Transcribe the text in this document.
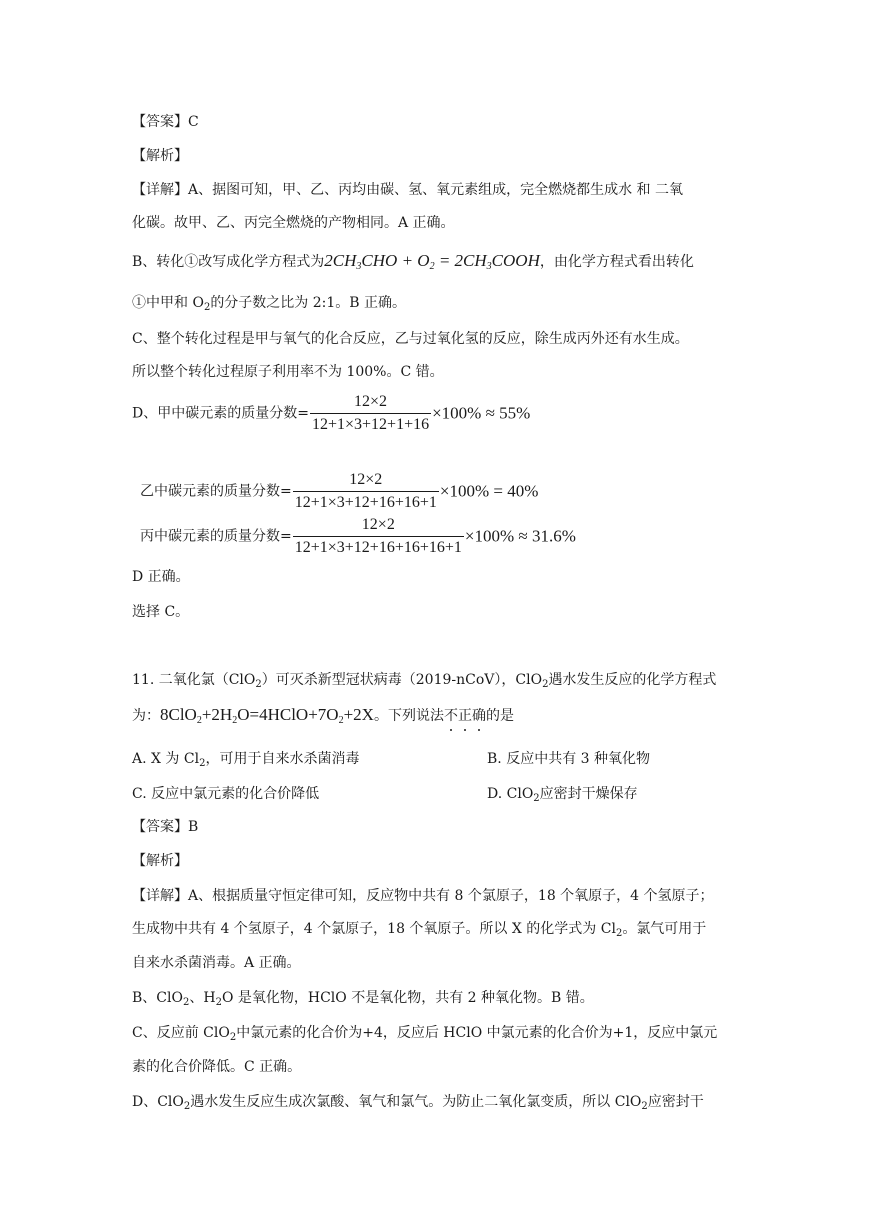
【答案】C
【解析】
【详解】A、据图可知，甲、乙、丙均由碳、氢、氧元素组成，完全燃烧都生成水 和 二氧
化碳。故甲、乙、丙完全燃烧的产物相同。A 正确。
B、转化①改写成化学方程式为$2CH_3CHO + O_2$ = $2CH_3COOH$，由化学方程式看出转化
①中甲和 $O_2$的分子数之比为 2:1。B 正确。
C、整个转化过程是甲与氧气的化合反应，乙与过氧化氢的反应，除生成丙外还有水生成。
所以整个转化过程原子利用率不为 100%。C 错。
D、甲中碳元素的质量分数= $\frac{12\times 2}{12+1\times 3+12+1+16} \times 100\% \approx 55\%$
乙中碳元素的质量分数= $\frac{12\times 2}{12+1\times 3+12+16+16+1} \times 100\% = 40\%$
丙中碳元素的质量分数= $\frac{12\times 2}{12+1\times 3+12+16+16+16+1} \times 100\% \approx 31.6\%$
D 正确。
选择 C。
11. 二氧化氯（ClO$_2$）可灭杀新型冠状病毒（2019-nCoV），ClO$_2$遇水发生反应的化学方程式
为：$8ClO_2+2H_2O=4HClO+7O_2+2X$。下列说法不正确的是
A. X 为 $Cl_2$，可用于自来水杀菌消毒	B. 反应中共有 3 种氧化物
C. 反应中氯元素的化合价降低	D. ClO$_2$应密封干燥保存
【答案】B
【解析】
【详解】A、根据质量守恒定律可知，反应物中共有 8 个氯原子，18 个氧原子，4 个氢原子；
生成物中共有 4 个氢原子，4 个氯原子，18 个氧原子。所以 X 的化学式为 $Cl_2$。氯气可用于
自来水杀菌消毒。A 正确。
B、ClO$_2$、$H_2O$ 是氧化物，HClO 不是氧化物，共有 2 种氧化物。B 错。
C、反应前 ClO$_2$中氯元素的化合价为+4，反应后 HClO 中氯元素的化合价为+1，反应中氯元
素的化合价降低。C 正确。
D、ClO$_2$遇水发生反应生成次氯酸、氧气和氯气。为防止二氧化氯变质，所以 ClO$_2$应密封干
